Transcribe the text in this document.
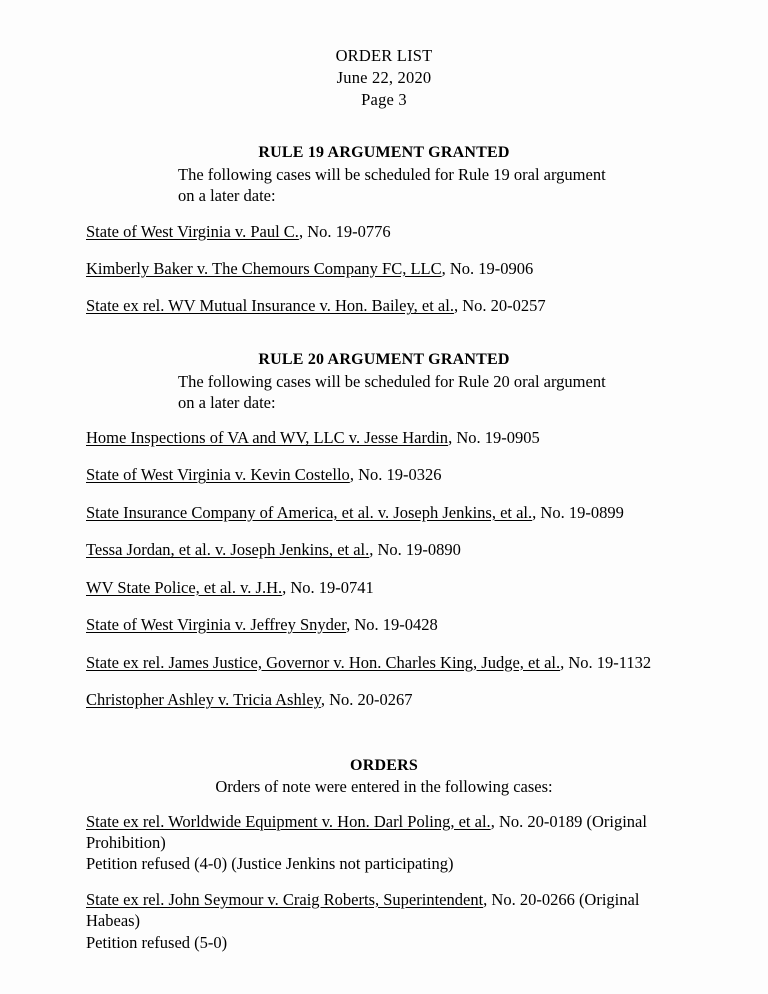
ORDER LIST
June 22, 2020
Page 3
RULE 19 ARGUMENT GRANTED
The following cases will be scheduled for Rule 19 oral argument on a later date:
State of West Virginia v. Paul C., No. 19-0776
Kimberly Baker v. The Chemours Company FC, LLC, No. 19-0906
State ex rel. WV Mutual Insurance v. Hon. Bailey, et al., No. 20-0257
RULE 20 ARGUMENT GRANTED
The following cases will be scheduled for Rule 20 oral argument on a later date:
Home Inspections of VA and WV, LLC v. Jesse Hardin, No. 19-0905
State of West Virginia v. Kevin Costello, No. 19-0326
State Insurance Company of America, et al. v. Joseph Jenkins, et al., No. 19-0899
Tessa Jordan, et al. v. Joseph Jenkins, et al., No. 19-0890
WV State Police, et al. v. J.H., No. 19-0741
State of West Virginia v. Jeffrey Snyder, No. 19-0428
State ex rel. James Justice, Governor v. Hon. Charles King, Judge, et al., No. 19-1132
Christopher Ashley v. Tricia Ashley, No. 20-0267
ORDERS
Orders of note were entered in the following cases:
State ex rel. Worldwide Equipment v. Hon. Darl Poling, et al., No. 20-0189 (Original Prohibition)
Petition refused (4-0) (Justice Jenkins not participating)
State ex rel. John Seymour v. Craig Roberts, Superintendent, No. 20-0266 (Original Habeas)
Petition refused (5-0)
